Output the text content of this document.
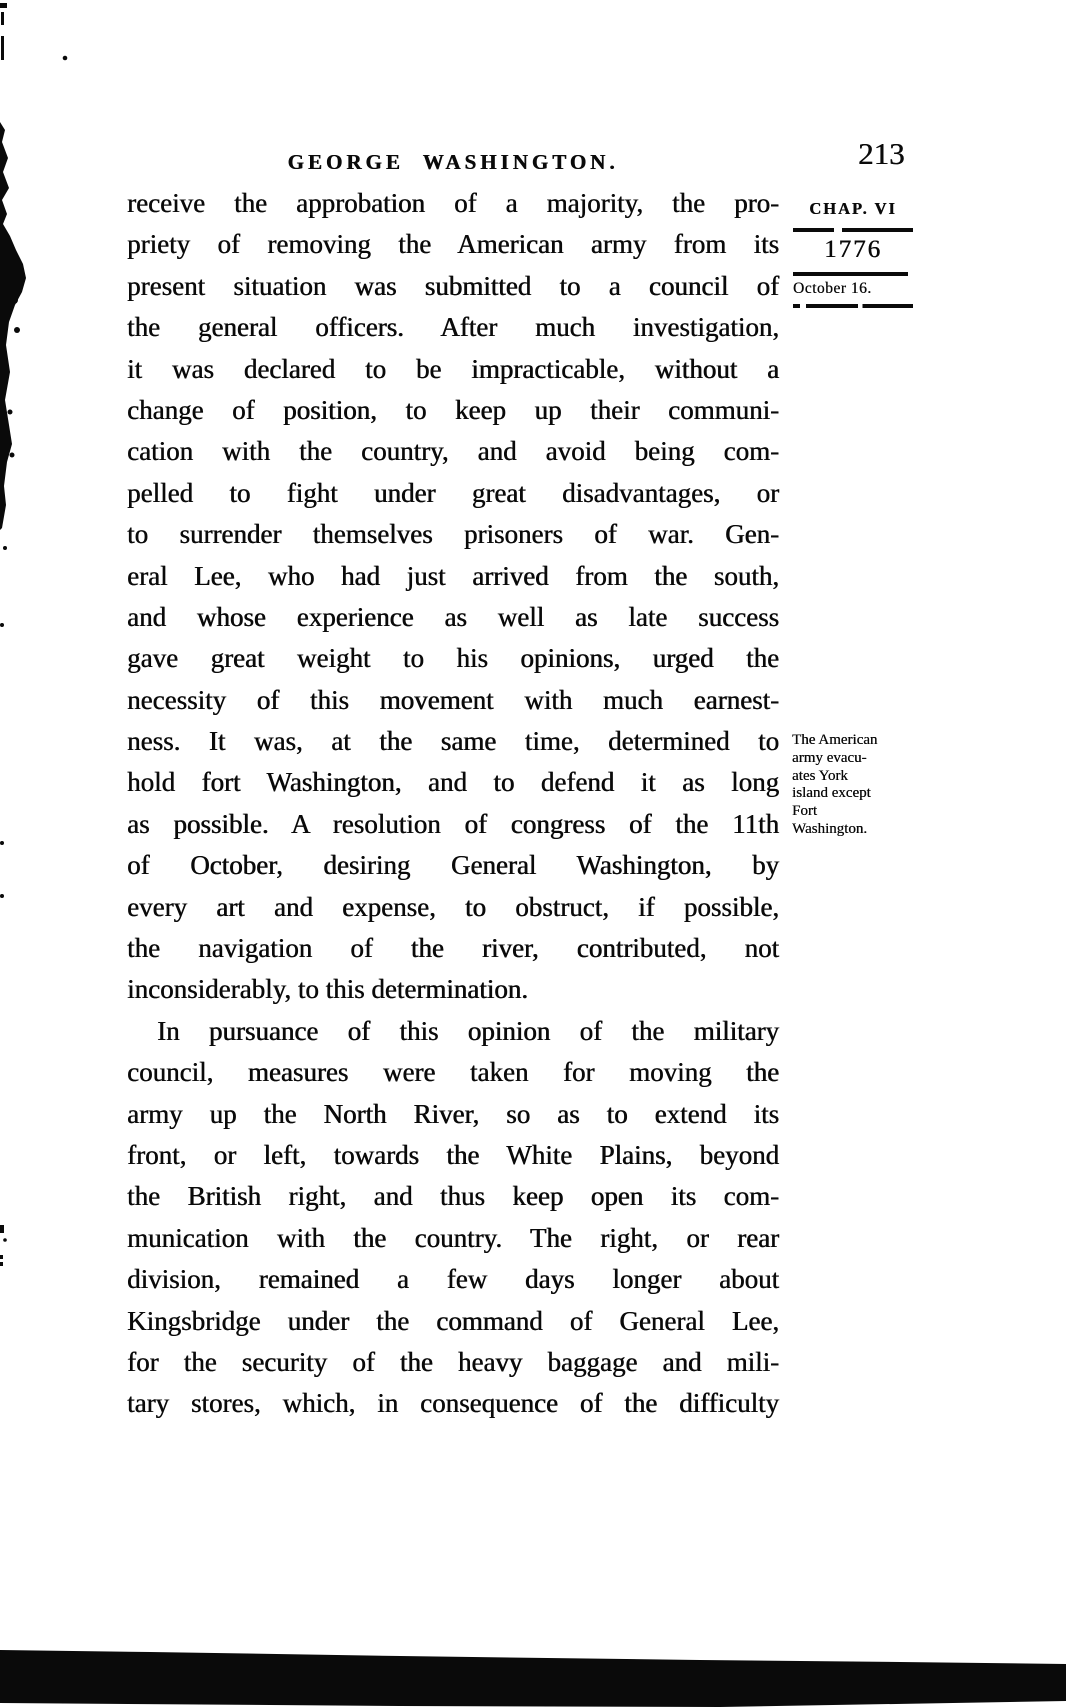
GEORGE WASHINGTON.	213
receive the approbation of a majority, the pro-
priety of removing the American army from its
present situation was submitted to a council of
the general officers. After much investigation,
it was declared to be impracticable, without a
change of position, to keep up their communi-
cation with the country, and avoid being com-
pelled to fight under great disadvantages, or
to surrender themselves prisoners of war. Gen-
eral Lee, who had just arrived from the south,
and whose experience as well as late success
gave great weight to his opinions, urged the
necessity of this movement with much earnest-
ness. It was, at the same time, determined to
hold fort Washington, and to defend it as long
as possible. A resolution of congress of the 11th
of October, desiring General Washington, by
every art and expense, to obstruct, if possible,
the navigation of the river, contributed, not
inconsiderably, to this determination.
In pursuance of this opinion of the military
council, measures were taken for moving the
army up the North River, so as to extend its
front, or left, towards the White Plains, beyond
the British right, and thus keep open its com-
munication with the country. The right, or rear
division, remained a few days longer about
Kingsbridge under the command of General Lee,
for the security of the heavy baggage and mili-
tary stores, which, in consequence of the difficulty
CHAP. VI
1776
October 16.
The American
army evacu-
ates York
island except
Fort
Washington.
